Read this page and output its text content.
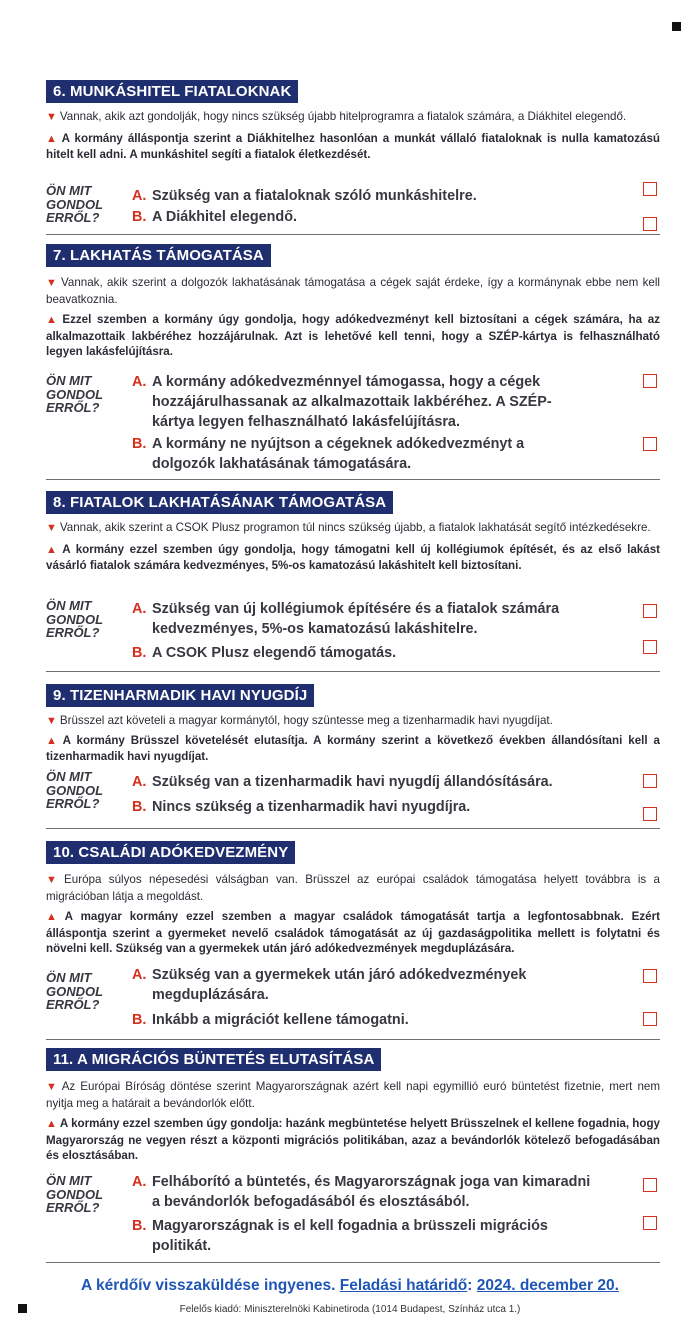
6. MUNKÁSHITEL FIATALOKNAK

▼ Vannak, akik azt gondolják, hogy nincs szükség újabb hitelprogramra a fiatalok számára, a Diákhitel elegendő.

▲ A kormány álláspontja szerint a Diákhitelhez hasonlóan a munkát vállaló fiataloknak is nulla kamatozású hitelt kell adni. A munkáshitel segíti a fiatalok életkezdését.

ÖN MIT
GONDOL
ERRŐL?
A. Szükség van a fiataloknak szóló munkáshitelre.
B. A Diákhitel elegendő.
7. LAKHATÁS TÁMOGATÁSA

▼ Vannak, akik szerint a dolgozók lakhatásának támogatása a cégek saját érdeke, így a kormánynak ebbe nem kell beavatkoznia.

▲ Ezzel szemben a kormány úgy gondolja, hogy adókedvezményt kell biztosítani a cégek számára, ha az alkalmazottaik lakbéréhez hozzájárulnak. Azt is lehetővé kell tenni, hogy a SZÉP-kártya is felhasználható legyen lakásfelújításra.

ÖN MIT
GONDOL
ERRŐL?
A. A kormány adókedvezménnyel támogassa, hogy a cégek hozzájárulhassanak az alkalmazottaik lakbéréhez. A SZÉP-kártya legyen felhasználható lakásfelújításra.
B. A kormány ne nyújtson a cégeknek adókedvezményt a dolgozók lakhatásának támogatására.
8. FIATALOK LAKHATÁSÁNAK TÁMOGATÁSA

▼ Vannak, akik szerint a CSOK Plusz programon túl nincs szükség újabb, a fiatalok lakhatását segítő intézkedésekre.

▲ A kormány ezzel szemben úgy gondolja, hogy támogatni kell új kollégiumok építését, és az első lakást vásárló fiatalok számára kedvezményes, 5%-os kamatozású lakáshitelt kell biztosítani.

ÖN MIT
GONDOL
ERRŐL?
A. Szükség van új kollégiumok építésére és a fiatalok számára kedvezményes, 5%-os kamatozású lakáshitelre.
B. A CSOK Plusz elegendő támogatás.
9. TIZENHARMADIK HAVI NYUGDÍJ

▼ Brüsszel azt követeli a magyar kormánytól, hogy szüntesse meg a tizenharmadik havi nyugdíjat.

▲ A kormány Brüsszel követelését elutasítja. A kormány szerint a következő években állandósítani kell a tizenharmadik havi nyugdíjat.

ÖN MIT
GONDOL
ERRŐL?
A. Szükség van a tizenharmadik havi nyugdíj állandósítására.
B. Nincs szükség a tizenharmadik havi nyugdíjra.
10. CSALÁDI ADÓKEDVEZMÉNY

▼ Európa súlyos népesedési válságban van. Brüsszel az európai családok támogatása helyett továbbra is a migrációban látja a megoldást.

▲ A magyar kormány ezzel szemben a magyar családok támogatását tartja a legfontosabbnak. Ezért álláspontja szerint a gyermeket nevelő családok támogatását az új gazdaságpolitika mellett is folytatni és növelni kell. Szükség van a gyermekek után járó adókedvezmények megduplázására.

ÖN MIT
GONDOL
ERRŐL?
A. Szükség van a gyermekek után járó adókedvezmények megduplázására.
B. Inkább a migrációt kellene támogatni.
11. A MIGRÁCIÓS BÜNTETÉS ELUTASÍTÁSA

▼ Az Európai Bíróság döntése szerint Magyarországnak azért kell napi egymillió euró büntetést fizetnie, mert nem nyitja meg a határait a bevándorlók előtt.

▲ A kormány ezzel szemben úgy gondolja: hazánk megbüntetése helyett Brüsszelnek el kellene fogadnia, hogy Magyarország ne vegyen részt a központi migrációs politikában, azaz a bevándorlók kötelező befogadásában és elosztásában.

ÖN MIT
GONDOL
ERRŐL?
A. Felháborító a büntetés, és Magyarországnak joga van kimaradni a bevándorlók befogadásából és elosztásából.
B. Magyarországnak is el kell fogadnia a brüsszeli migrációs politikát.
A kérdőív visszaküldése ingyenes. Feladási határidő: 2024. december 20.
Felelős kiadó: Miniszterelnöki Kabinetiroda (1014 Budapest, Színház utca 1.)
